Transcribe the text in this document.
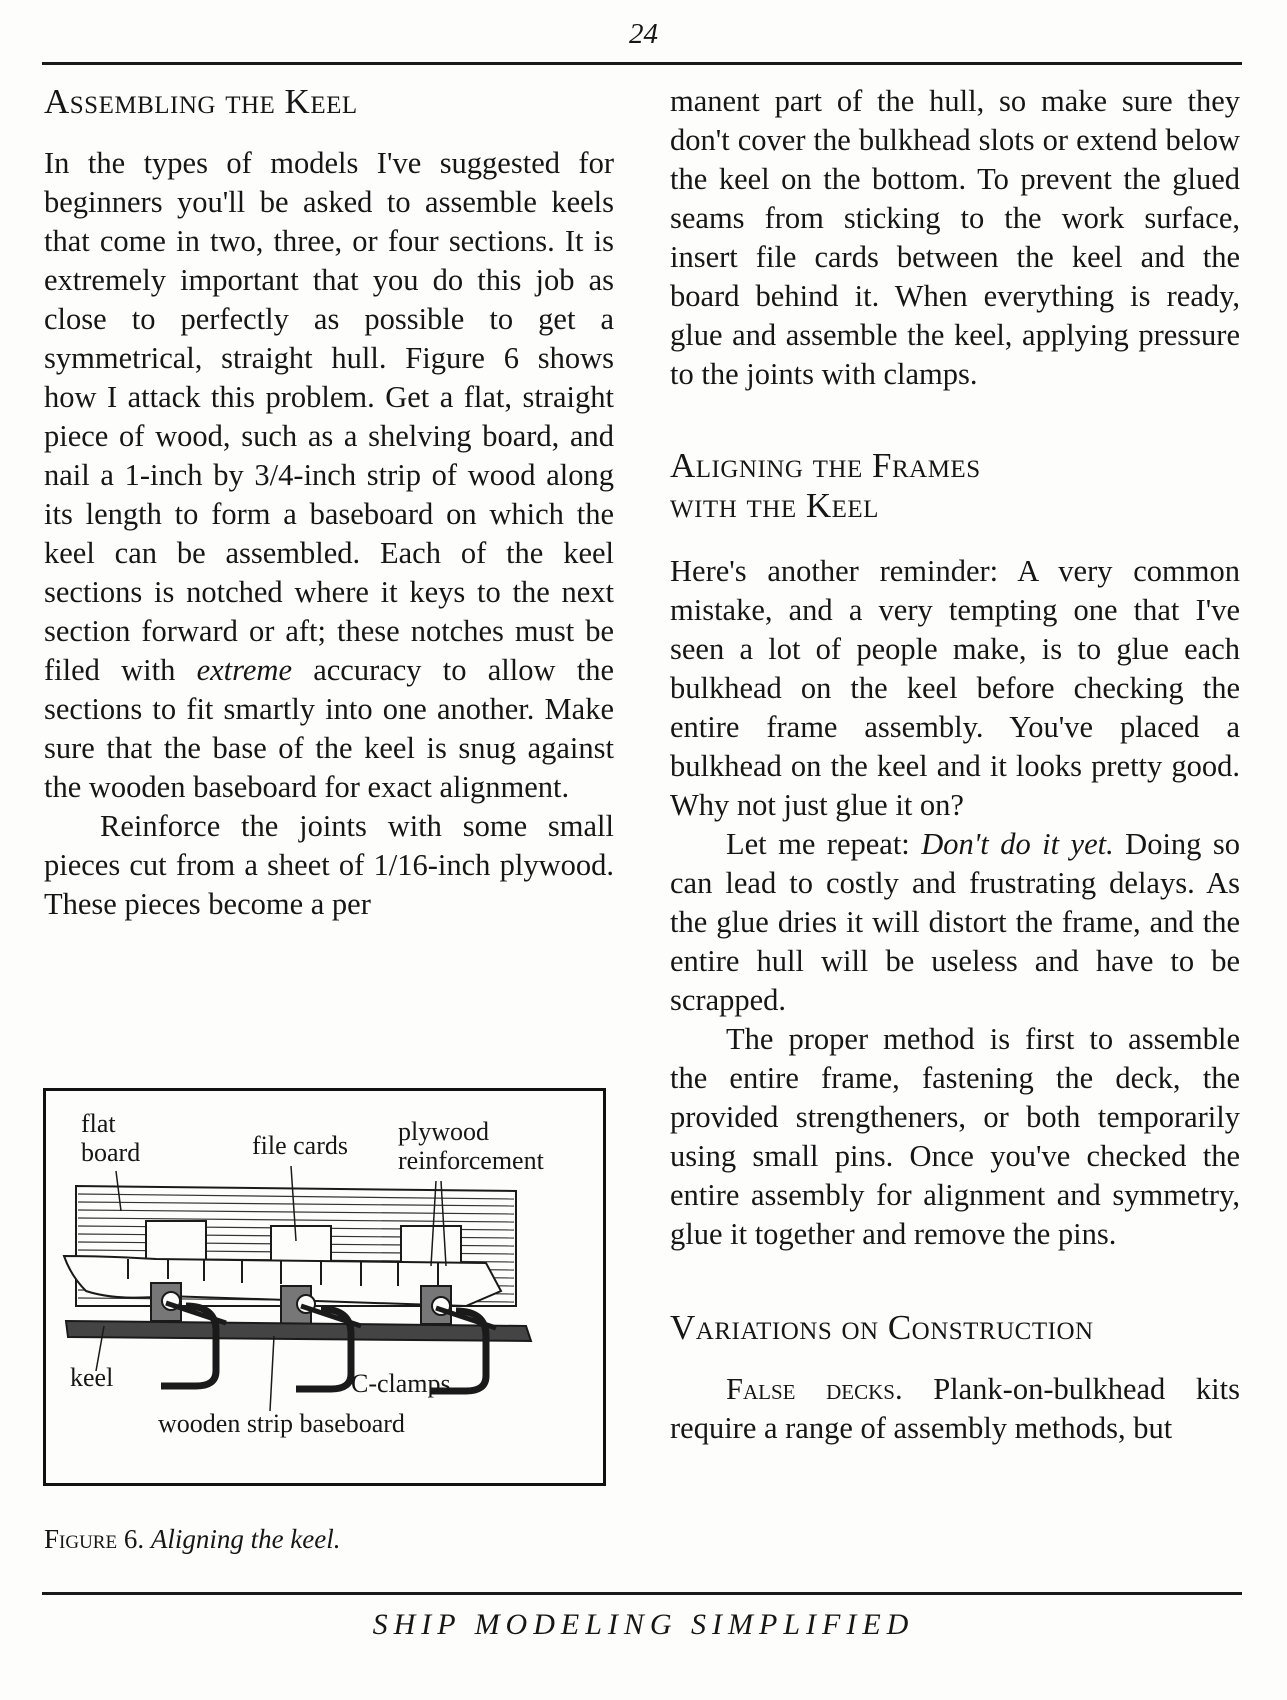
24
Assembling the Keel

In the types of models I've suggested for beginners you'll be asked to assemble keels that come in two, three, or four sections. It is extremely important that you do this job as close to perfectly as possible to get a symmetrical, straight hull. Figure 6 shows how I attack this problem. Get a flat, straight piece of wood, such as a shelving board, and nail a 1-inch by 3/4-inch strip of wood along its length to form a baseboard on which the keel can be assembled. Each of the keel sections is notched where it keys to the next section forward or aft; these notches must be filed with extreme accuracy to allow the sections to fit smartly into one another. Make sure that the base of the keel is snug against the wooden baseboard for exact alignment.

Reinforce the joints with some small pieces cut from a sheet of 1/16-inch plywood. These pieces become a per

flat
board	file cards plywood
reinforcement
keel	C-clamps
wooden strip baseboard
Figure 6. Aligning the keel.

manent part of the hull, so make sure they don't cover the bulkhead slots or extend below the keel on the bottom. To prevent the glued seams from sticking to the work surface, insert file cards between the keel and the board behind it. When everything is ready, glue and assemble the keel, applying pressure to the joints with clamps.

Aligning the Frames
with the Keel

Here's another reminder: A very common mistake, and a very tempting one that I've seen a lot of people make, is to glue each bulkhead on the keel before checking the entire frame assembly. You've placed a bulkhead on the keel and it looks pretty good. Why not just glue it on?

Let me repeat: Don't do it yet. Doing so can lead to costly and frustrating delays. As the glue dries it will distort the frame, and the entire hull will be useless and have to be scrapped.

The proper method is first to assemble the entire frame, fastening the deck, the provided strengtheners, or both temporarily using small pins. Once you've checked the entire assembly for alignment and symmetry, glue it together and remove the pins.

Variations on Construction

False decks. Plank-on-bulkhead kits require a range of assembly methods, but

SHIP MODELING SIMPLIFIED
